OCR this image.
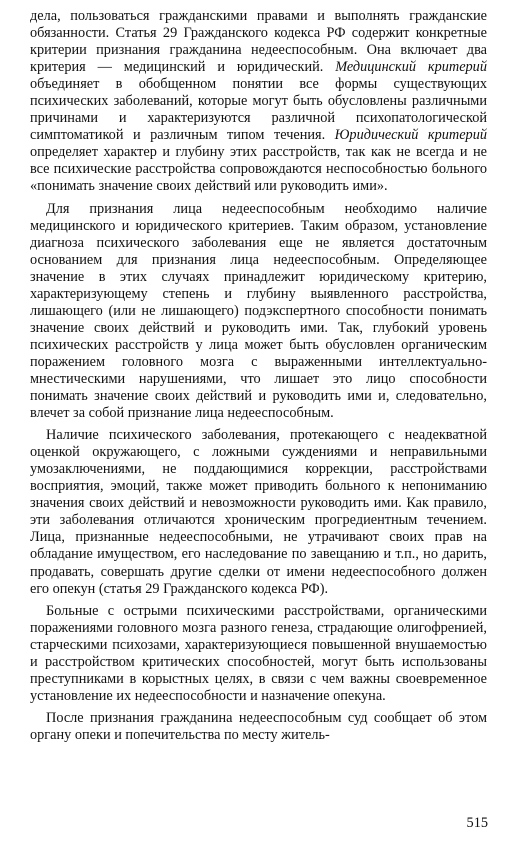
дела, пользоваться гражданскими правами и выполнять гражданские обязанности. Статья 29 Гражданского кодекса РФ содержит конкретные критерии признания гражданина недееспособным. Она включает два критерия — медицинский и юридический. Медицинский критерий объединяет в обобщенном понятии все формы существующих психических заболеваний, которые могут быть обусловлены различными причинами и характеризуются различной психопатологической симптоматикой и различным типом течения. Юридический критерий определяет характер и глубину этих расстройств, так как не всегда и не все психические расстройства сопровождаются неспособностью больного «понимать значение своих действий или руководить ими».

Для признания лица недееспособным необходимо наличие медицинского и юридического критериев. Таким образом, установление диагноза психического заболевания еще не является достаточным основанием для признания лица недееспособным. Определяющее значение в этих случаях принадлежит юридическому критерию, характеризующему степень и глубину выявленного расстройства, лишающего (или не лишающего) подэкспертного способности понимать значение своих действий и руководить ими. Так, глубокий уровень психических расстройств у лица может быть обусловлен органическим поражением головного мозга с выраженными интеллектуально-мнестическими нарушениями, что лишает это лицо способности понимать значение своих действий и руководить ими и, следовательно, влечет за собой признание лица недееспособным.

Наличие психического заболевания, протекающего с неадекватной оценкой окружающего, с ложными суждениями и неправильными умозаключениями, не поддающимися коррекции, расстройствами восприятия, эмоций, также может приводить больного к непониманию значения своих действий и невозможности руководить ими. Как правило, эти заболевания отличаются хроническим прогредиентным течением. Лица, признанные недееспособными, не утрачивают своих прав на обладание имуществом, его наследование по завещанию и т.п., но дарить, продавать, совершать другие сделки от имени недееспособного должен его опекун (статья 29 Гражданского кодекса РФ).

Больные с острыми психическими расстройствами, органическими поражениями головного мозга разного генеза, страдающие олигофренией, старческими психозами, характеризующиеся повышенной внушаемостью и расстройством критических способностей, могут быть использованы преступниками в корыстных целях, в связи с чем важны своевременное установление их недееспособности и назначение опекуна.

После признания гражданина недееспособным суд сообщает об этом органу опеки и попечительства по месту житель-

515
